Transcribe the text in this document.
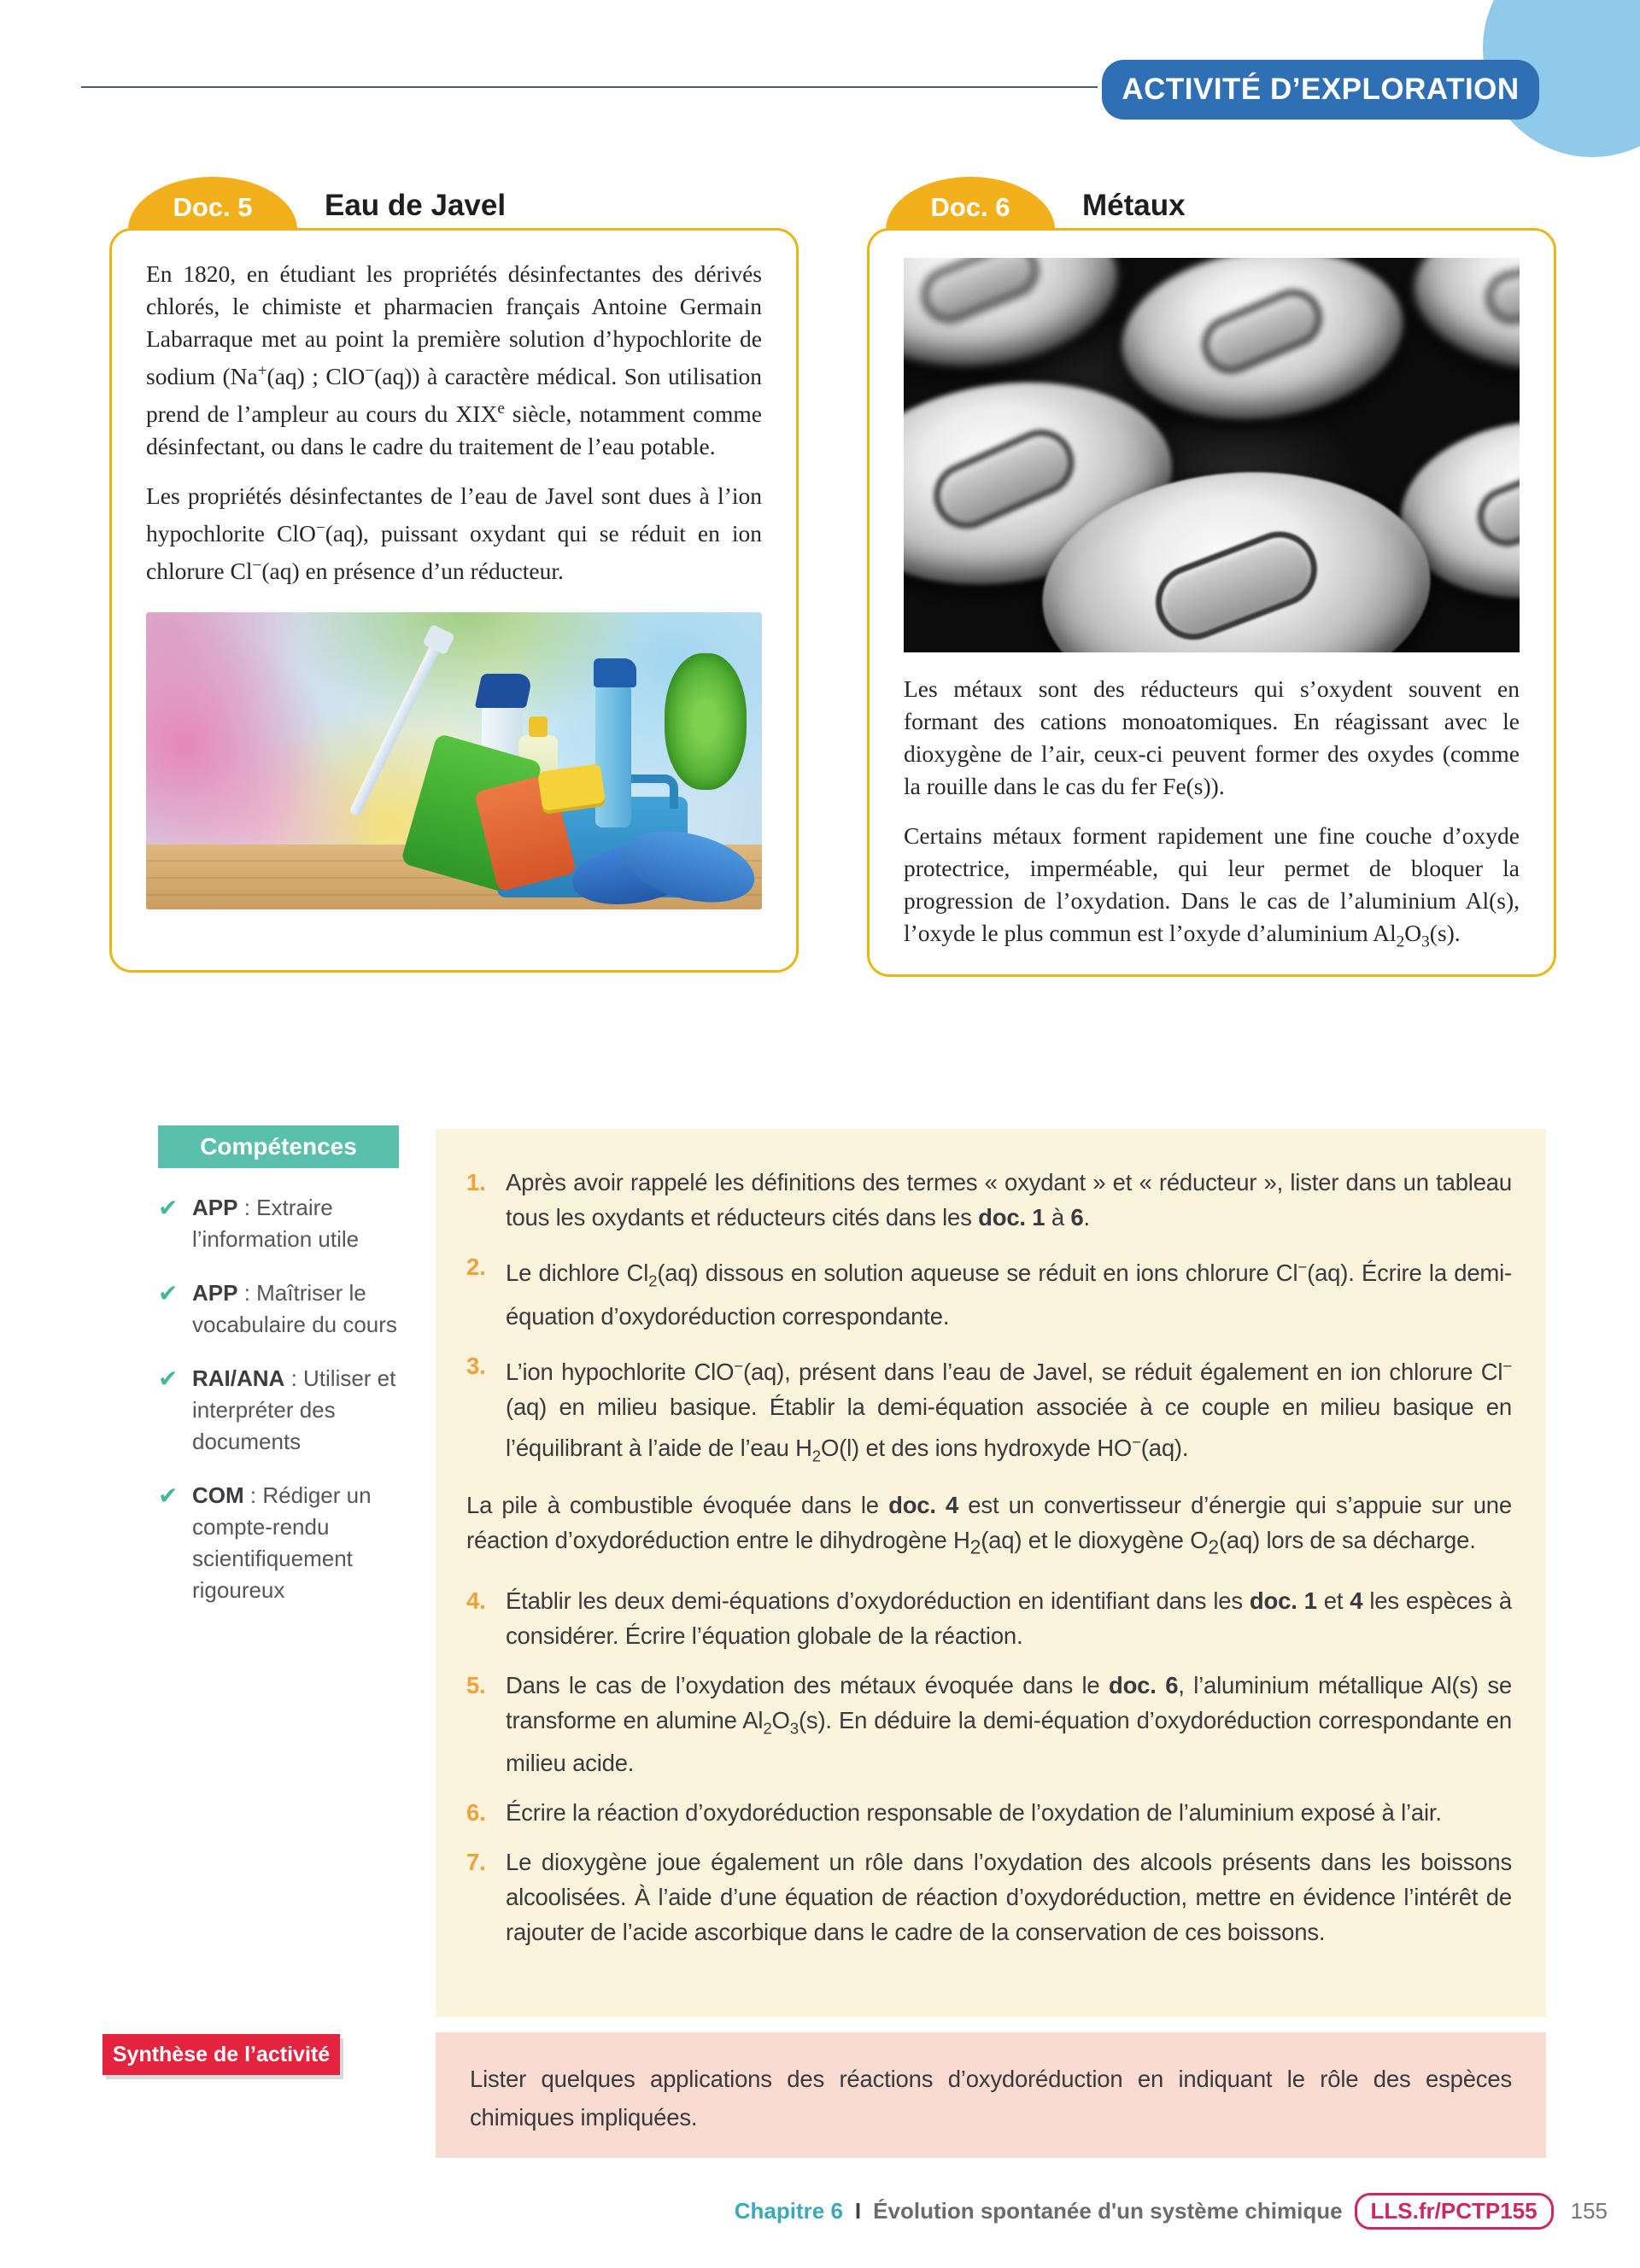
ACTIVITÉ D’EXPLORATION
Doc. 5	Eau de Javel

En 1820, en étudiant les propriétés désinfectantes des dérivés chlorés, le chimiste et pharmacien français Antoine Germain Labarraque met au point la première solution d’hypochlorite de sodium (Na+(aq) ; ClO−(aq)) à caractère médical. Son utilisation prend de l’ampleur au cours du XIXe siècle, notamment comme désinfectant, ou dans le cadre du traitement de l’eau potable.

Les propriétés désinfectantes de l’eau de Javel sont dues à l’ion hypochlorite ClO−(aq), puissant oxydant qui se réduit en ion chlorure Cl−(aq) en présence d’un réducteur.

Doc. 6	Métaux

Les métaux sont des réducteurs qui s’oxydent souvent en formant des cations monoatomiques. En réagissant avec le dioxygène de l’air, ceux-ci peuvent former des oxydes (comme la rouille dans le cas du fer Fe(s)).

Certains métaux forment rapidement une fine couche d’oxyde protectrice, imperméable, qui leur permet de bloquer la progression de l’oxydation. Dans le cas de l’aluminium Al(s), l’oxyde le plus commun est l’oxyde d’aluminium $Al_2O_3(s)$.

Compétences
✔ APP : Extraire l’information utile
✔ APP : Maîtriser le vocabulaire du cours
✔ RAI/ANA : Utiliser et interpréter des documents
✔ COM : Rédiger un compte-rendu scientifiquement rigoureux
1. Après avoir rappelé les définitions des termes « oxydant » et « réducteur », lister dans un tableau tous les oxydants et réducteurs cités dans les doc. 1 à 6.
2. Le dichlore $Cl_2(aq)$ dissous en solution aqueuse se réduit en ions chlorure Cl−(aq). Écrire la demi-équation d’oxydoréduction correspondante.
3. L’ion hypochlorite ClO−(aq), présent dans l’eau de Javel, se réduit également en ion chlorure Cl−(aq) en milieu basique. Établir la demi-équation associée à ce couple en milieu basique en l’équilibrant à l’aide de l’eau $H_2O(l)$ et des ions hydroxyde HO−(aq).
La pile à combustible évoquée dans le doc. 4 est un convertisseur d’énergie qui s’appuie sur une réaction d’oxydoréduction entre le dihydrogène $H_2(aq)$ et le dioxygène $O_2(aq)$ lors de sa décharge.
4. Établir les deux demi-équations d’oxydoréduction en identifiant dans les doc. 1 et 4 les espèces à considérer. Écrire l’équation globale de la réaction.
5. Dans le cas de l’oxydation des métaux évoquée dans le doc. 6, l’aluminium métallique Al(s) se transforme en alumine $Al_2O_3(s)$. En déduire la demi-équation d’oxydoréduction correspondante en milieu acide.
6. Écrire la réaction d’oxydoréduction responsable de l’oxydation de l’aluminium exposé à l’air.
7. Le dioxygène joue également un rôle dans l’oxydation des alcools présents dans les boissons alcoolisées. À l’aide d’une équation de réaction d’oxydoréduction, mettre en évidence l’intérêt de rajouter de l’acide ascorbique dans le cadre de la conservation de ces boissons.
Synthèse de l’activité
Lister quelques applications des réactions d’oxydoréduction en indiquant le rôle des espèces chimiques impliquées.
Chapitre 6 I Évolution spontanée d'un système chimique	LLS.fr/PCTP155	155
